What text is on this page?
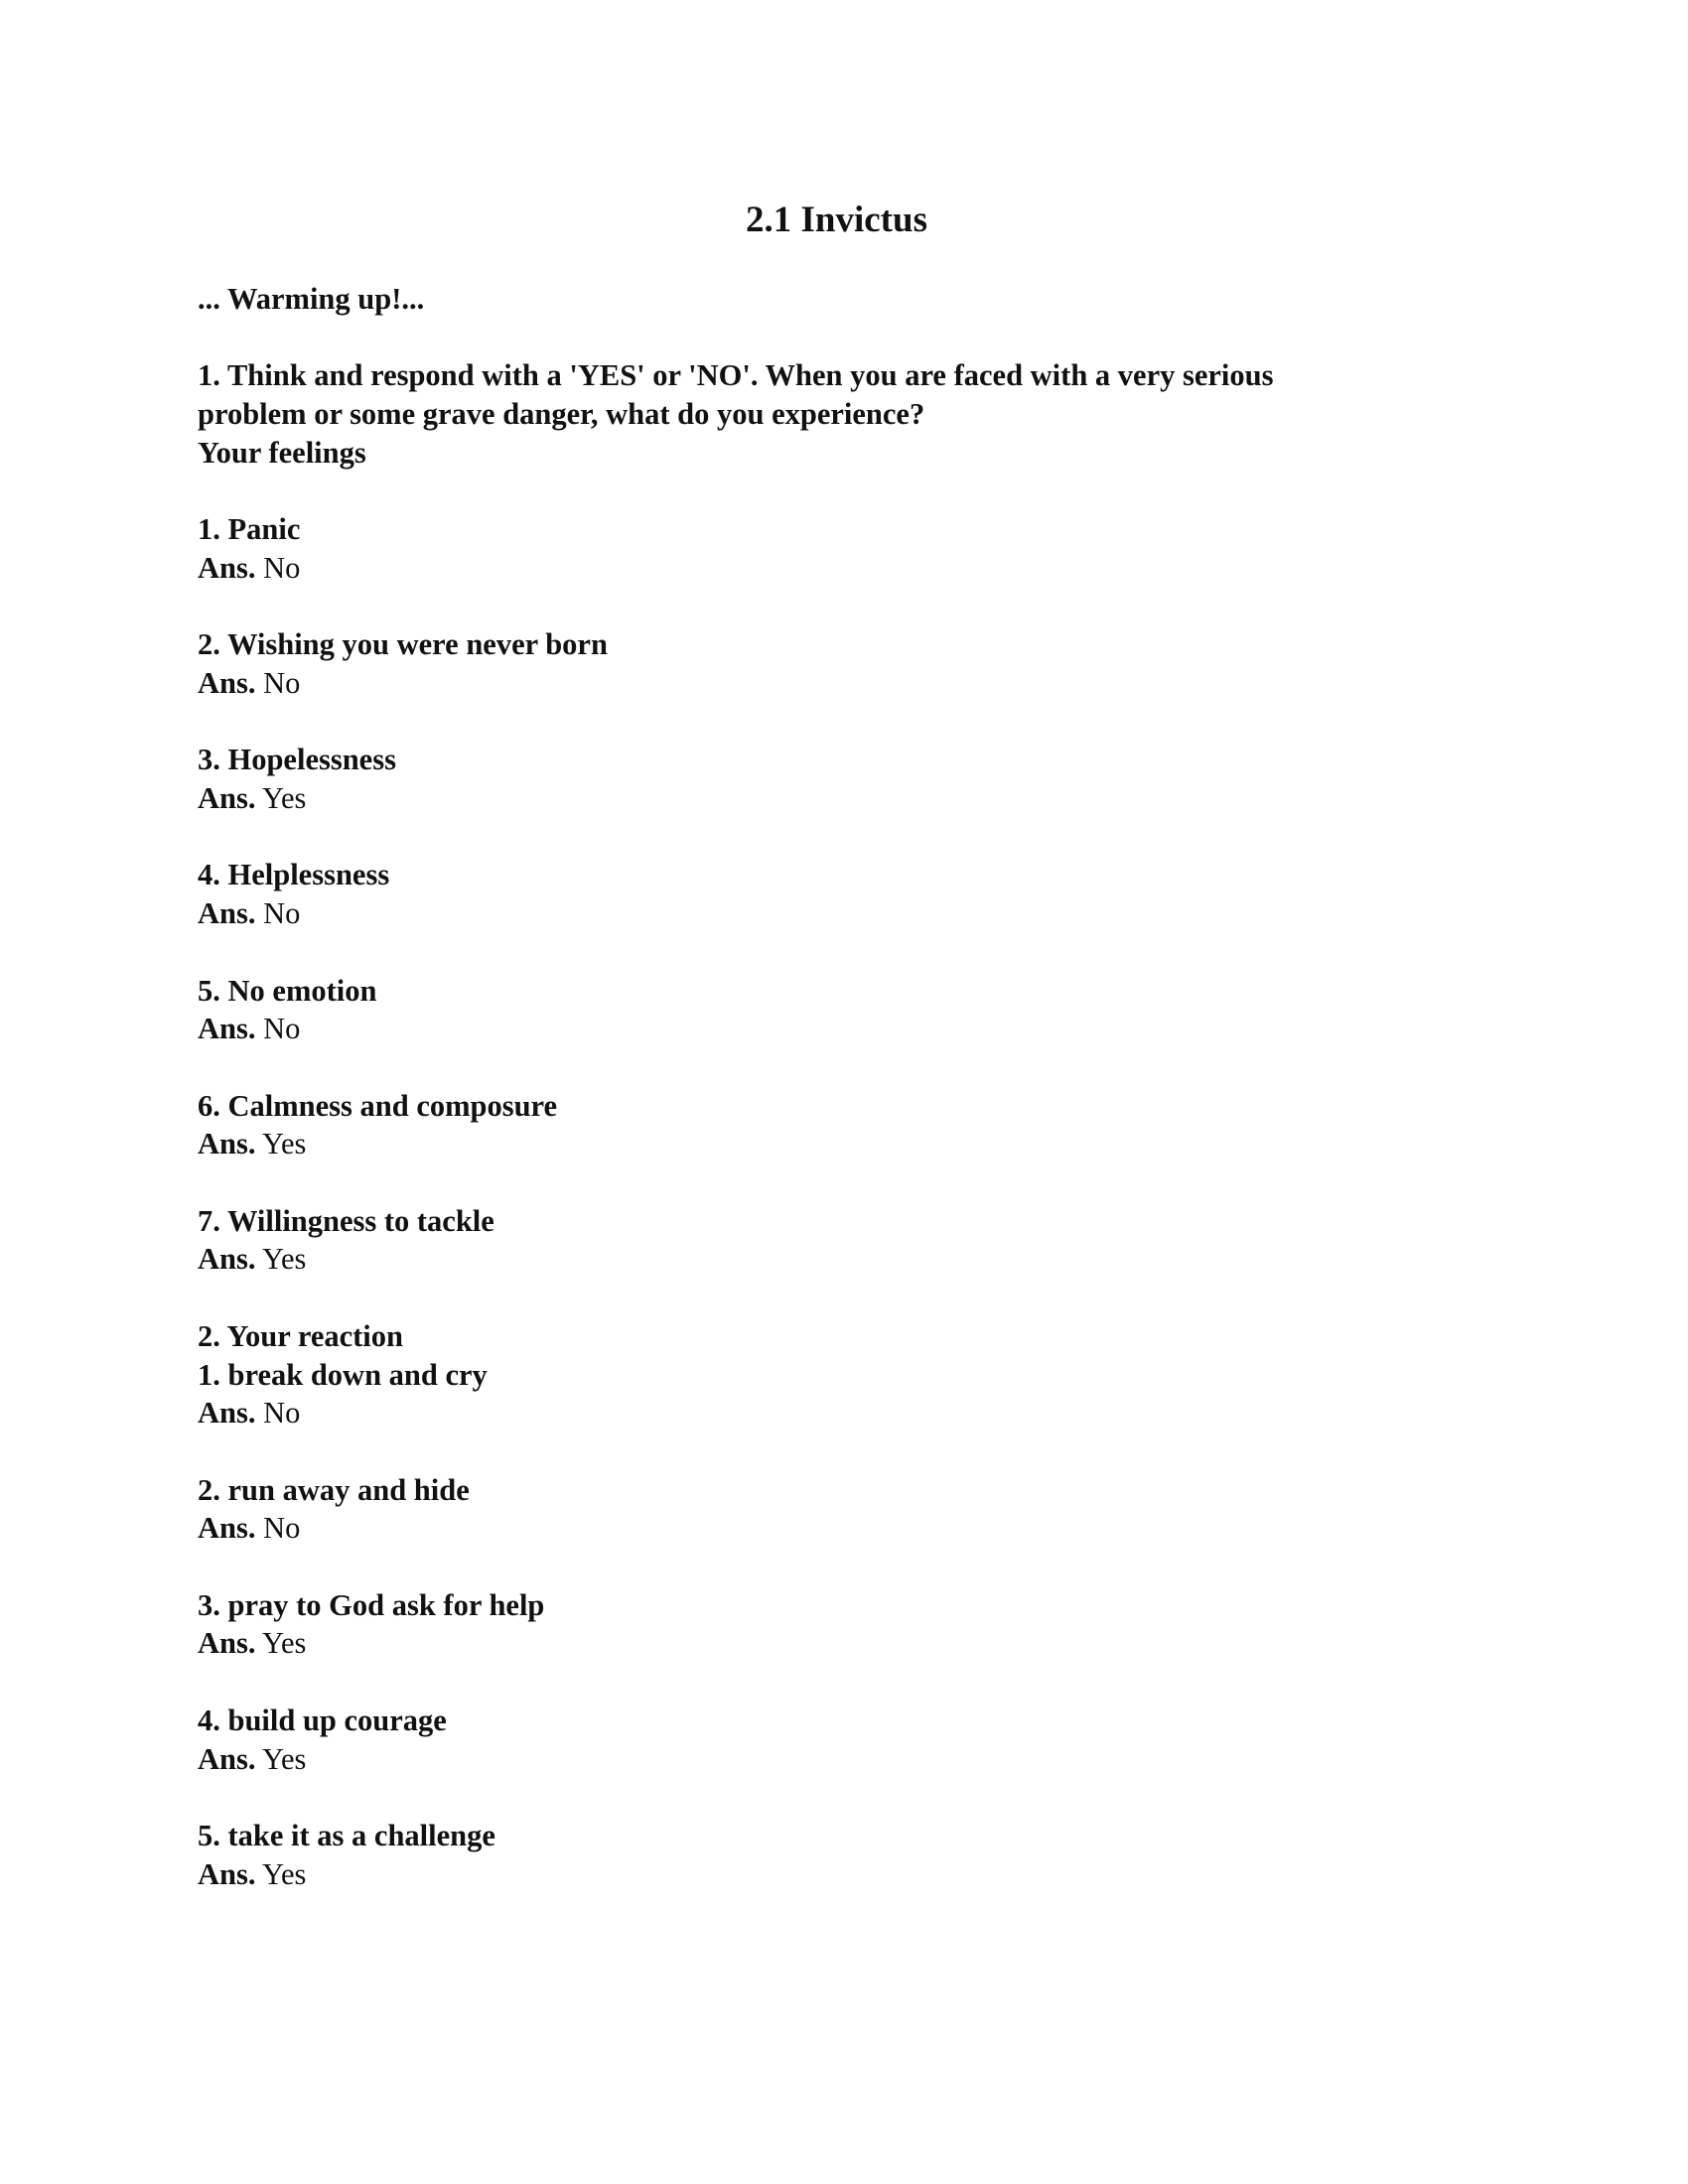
2.1 Invictus
... Warming up!...
1. Think and respond with a 'YES' or 'NO'. When you are faced with a very serious
problem or some grave danger, what do you experience?
Your feelings
1. Panic
Ans. No
2. Wishing you were never born
Ans. No
3. Hopelessness
Ans. Yes
4. Helplessness
Ans. No
5. No emotion
Ans. No
6. Calmness and composure
Ans. Yes
7. Willingness to tackle
Ans. Yes
2. Your reaction
1. break down and cry
Ans. No
2. run away and hide
Ans. No
3. pray to God ask for help
Ans. Yes
4. build up courage
Ans. Yes
5. take it as a challenge
Ans. Yes
